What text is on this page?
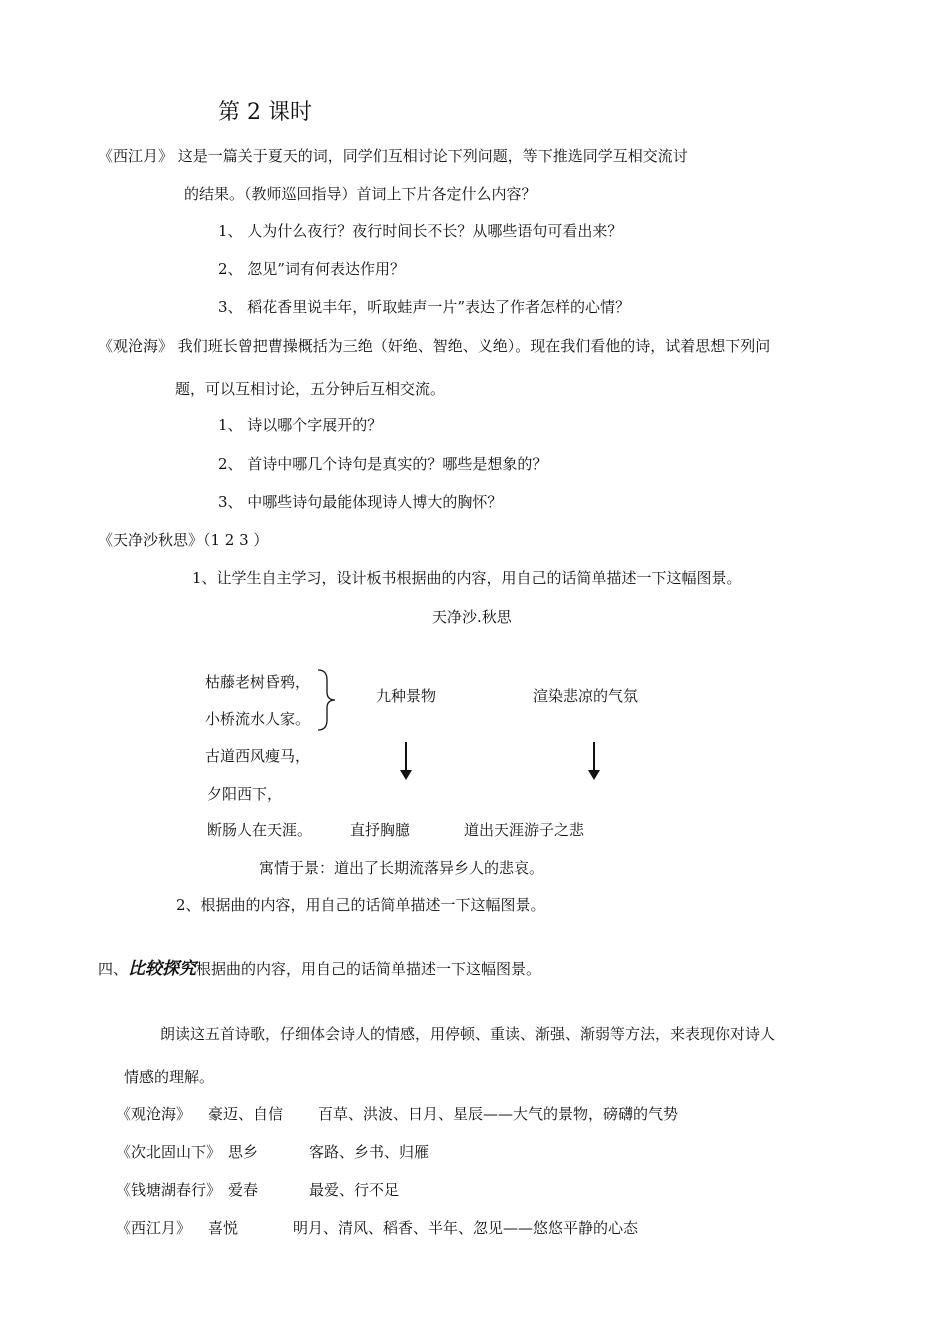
第 2 课时
《西江月》 这是一篇关于夏天的词，同学们互相讨论下列问题，等下推选同学互相交流讨
的结果。（教师巡回指导）首词上下片各定什么内容？
1、 人为什么夜行？夜行时间长不长？从哪些语句可看出来？
2、 忽见”词有何表达作用？
3、 稻花香里说丰年，听取蛙声一片”表达了作者怎样的心情？
《观沧海》 我们班长曾把曹操概括为三绝（奸绝、智绝、义绝）。现在我们看他的诗，试着思想下列问
题，可以互相讨论，五分钟后互相交流。
1、 诗以哪个字展开的？
2、 首诗中哪几个诗句是真实的？哪些是想象的？
3、 中哪些诗句最能体现诗人博大的胸怀？
《天净沙秋思》（1 2 3 ）
1、让学生自主学习，设计板书根据曲的内容，用自己的话简单描述一下这幅图景。
天净沙.秋思
枯藤老树昏鸦，
小桥流水人家。
九种景物	渲染悲凉的气氛
古道西风瘦马，
夕阳西下，
断肠人在天涯。	直抒胸臆	道出天涯游子之悲
寓情于景：道出了长期流落异乡人的悲哀。
2、根据曲的内容，用自己的话简单描述一下这幅图景。
四、比较探究根据曲的内容，用自己的话简单描述一下这幅图景。
朗读这五首诗歌，仔细体会诗人的情感，用停顿、重读、渐强、渐弱等方法，来表现你对诗人
情感的理解。
《观沧海》 豪迈、自信 百草、洪波、日月、星辰——大气的景物，磅礴的气势
《次北固山下》 思乡	客路、乡书、归雁
《钱塘湖春行》 爱春	最爱、行不足
《西江月》 喜悦	明月、清风、稻香、半年、忽见——悠悠平静的心态
